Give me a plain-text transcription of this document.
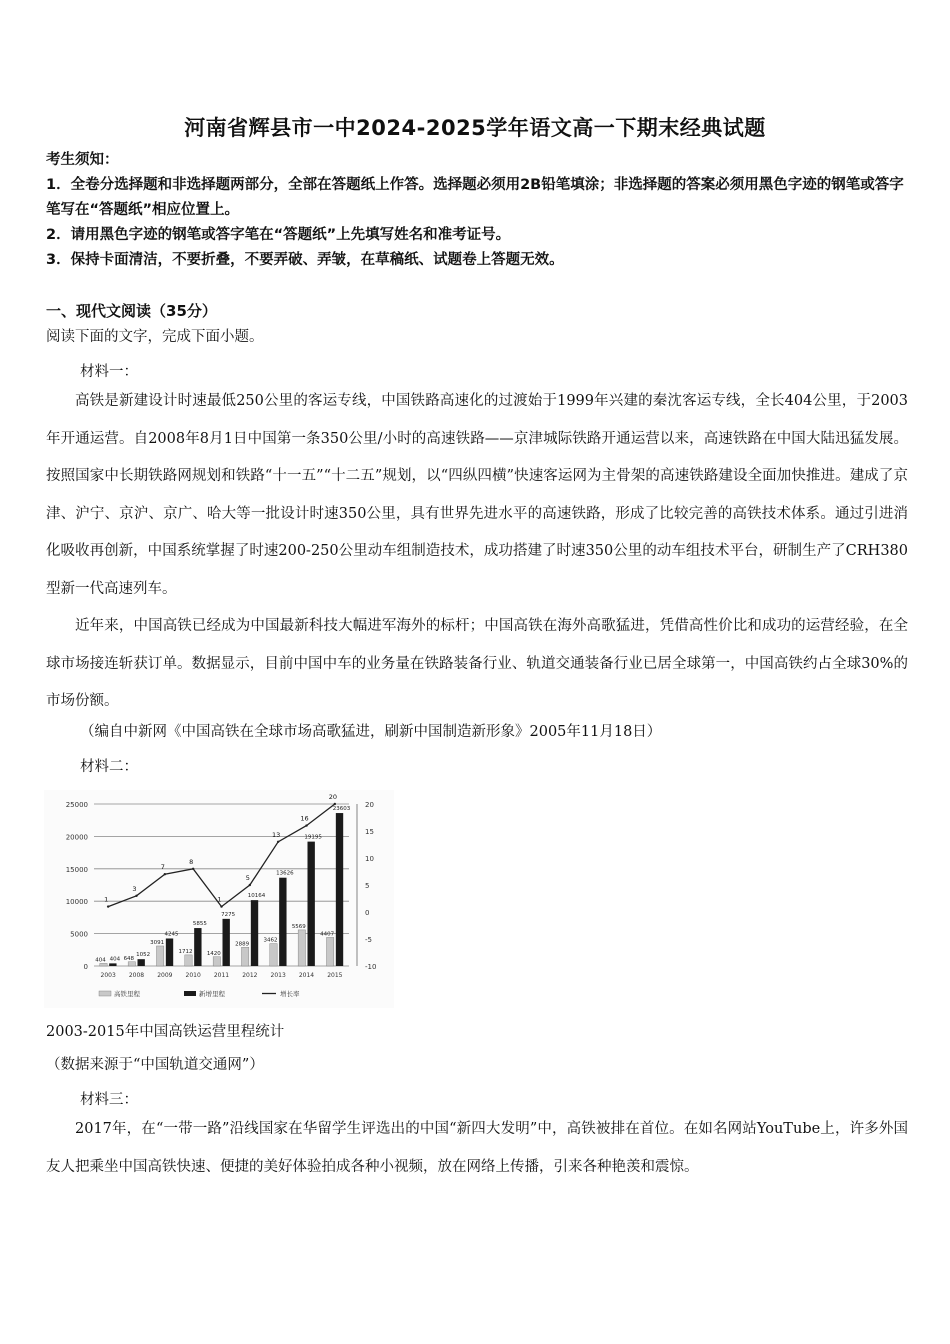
河南省辉县市一中2024-2025学年语文高一下期末经典试题

考生须知：

1．全卷分选择题和非选择题两部分，全部在答题纸上作答。选择题必须用2B铅笔填涂；非选择题的答案必须用黑色字迹的钢笔或答字笔写在“答题纸”相应位置上。

2．请用黑色字迹的钢笔或答字笔在“答题纸”上先填写姓名和准考证号。

3．保持卡面清洁，不要折叠，不要弄破、弄皱，在草稿纸、试题卷上答题无效。

一、现代文阅读（35分）
阅读下面的文字，完成下面小题。
材料一：

高铁是新建设计时速最低250公里的客运专线，中国铁路高速化的过渡始于1999年兴建的秦沈客运专线，全长404公里，于2003年开通运营。自2008年8月1日中国第一条350公里/小时的高速铁路——京津城际铁路开通运营以来，高速铁路在中国大陆迅猛发展。按照国家中长期铁路网规划和铁路“十一五”“十二五”规划，以“四纵四横”快速客运网为主骨架的高速铁路建设全面加快推进。建成了京津、沪宁、京沪、京广、哈大等一批设计时速350公里，具有世界先进水平的高速铁路，形成了比较完善的高铁技术体系。通过引进消化吸收再创新，中国系统掌握了时速200-250公里动车组制造技术，成功搭建了时速350公里的动车组技术平台，研制生产了CRH380型新一代高速列车。

近年来，中国高铁已经成为中国最新科技大幅进军海外的标杆；中国高铁在海外高歌猛进，凭借高性价比和成功的运营经验，在全球市场接连斩获订单。数据显示，目前中国中车的业务量在铁路装备行业、轨道交通装备行业已居全球第一，中国高铁约占全球30%的市场份额。

（编自中新网《中国高铁在全球市场高歌猛进，刷新中国制造新形象》2005年11月18日）
材料二：
404	648
3091
1712	1420
2889
3462
5569
4407
404
1052
4245
5855
7275
10164
13626
19195
23603
1
3
7
8
1
5
13
16
20
0
5000
10000
15000
20000
25000
-10
-5
0
5
10
15
20
2003 2008 2009 2010 2011 2012 2013 2014 2015
高铁里程	新增里程	增长率
2003-2015年中国高铁运营里程统计
（数据来源于“中国轨道交通网”）
材料三：

2017年，在“一带一路”沿线国家在华留学生评选出的中国“新四大发明”中，高铁被排在首位。在如名网站YouTube上，许多外国友人把乘坐中国高铁快速、便捷的美好体验拍成各种小视频，放在网络上传播，引来各种艳羡和震惊。
